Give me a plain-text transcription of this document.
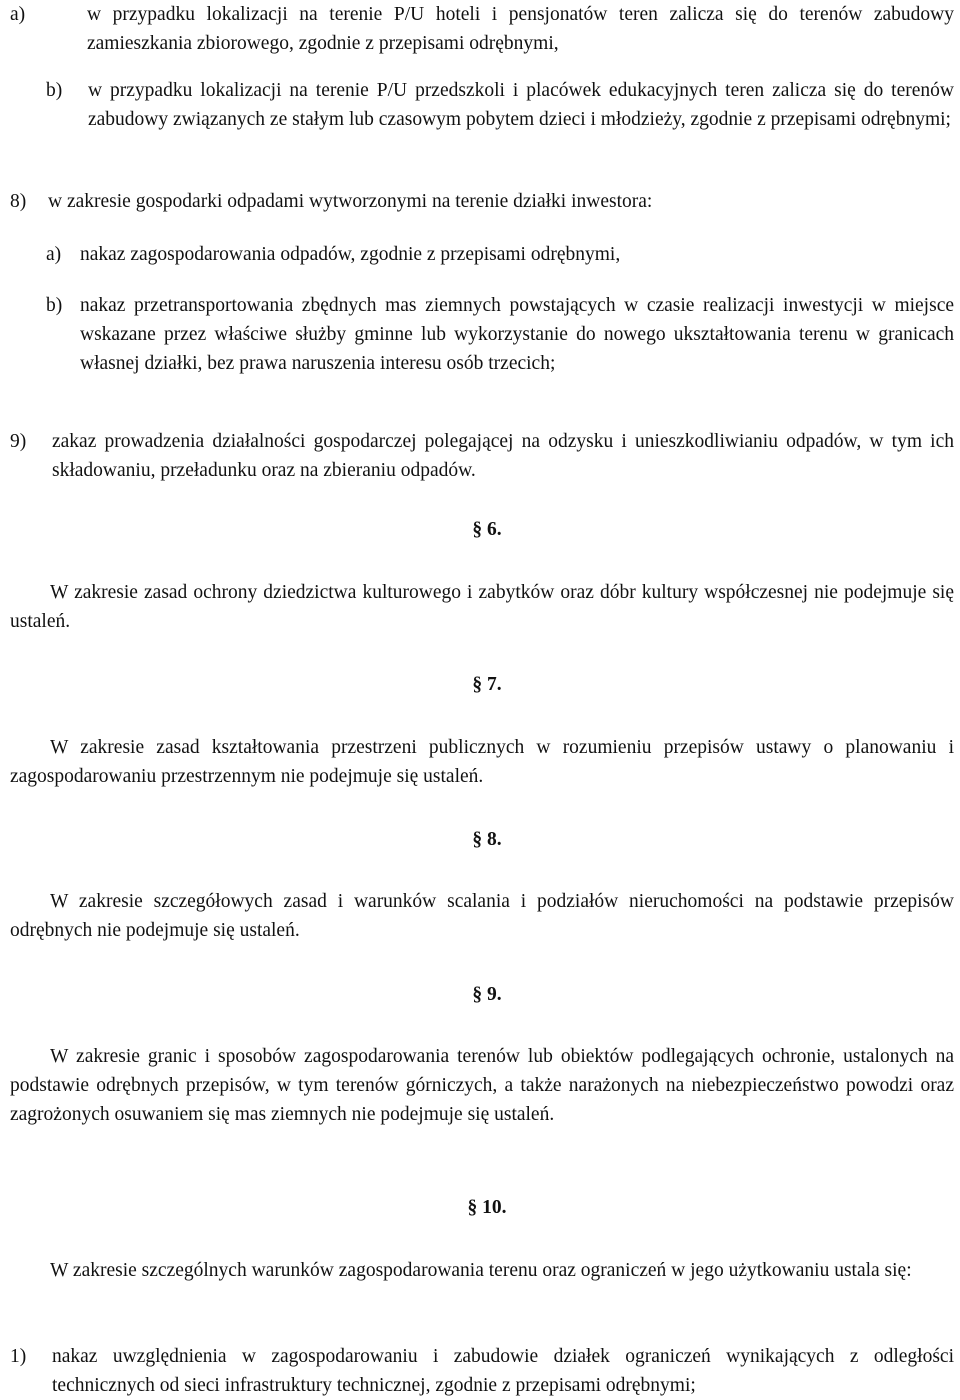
a)	w przypadku lokalizacji na terenie P/U hoteli i pensjonatów teren zalicza się do terenów zabudowy zamieszkania zbiorowego, zgodnie z przepisami odrębnymi,
b)	w przypadku lokalizacji na terenie P/U przedszkoli i placówek edukacyjnych teren zalicza się do terenów zabudowy związanych ze stałym lub czasowym pobytem dzieci i młodzieży, zgodnie z przepisami odrębnymi;
8)	w zakresie gospodarki odpadami wytworzonymi na terenie działki inwestora:
a) nakaz zagospodarowania odpadów, zgodnie z przepisami odrębnymi,
b) nakaz przetransportowania zbędnych mas ziemnych powstających w czasie realizacji inwestycji w miejsce wskazane przez właściwe służby gminne lub wykorzystanie do nowego ukształtowania terenu w granicach własnej działki, bez prawa naruszenia interesu osób trzecich;
9)	zakaz prowadzenia działalności gospodarczej polegającej na odzysku i unieszkodliwianiu odpadów, w tym ich składowaniu, przeładunku oraz na zbieraniu odpadów.
§ 6.
W zakresie zasad ochrony dziedzictwa kulturowego i zabytków oraz dóbr kultury współczesnej nie podejmuje się ustaleń.
§ 7.
W zakresie zasad kształtowania przestrzeni publicznych w rozumieniu przepisów ustawy o planowaniu i zagospodarowaniu przestrzennym nie podejmuje się ustaleń.
§ 8.
W zakresie szczegółowych zasad i warunków scalania i podziałów nieruchomości na podstawie przepisów odrębnych nie podejmuje się ustaleń.
§ 9.
W zakresie granic i sposobów zagospodarowania terenów lub obiektów podlegających ochronie, ustalonych na podstawie odrębnych przepisów, w tym terenów górniczych, a także narażonych na niebezpieczeństwo powodzi oraz zagrożonych osuwaniem się mas ziemnych nie podejmuje się ustaleń.
§ 10.
W zakresie szczególnych warunków zagospodarowania terenu oraz ograniczeń w jego użytkowaniu ustala się:
1)	nakaz uwzględnienia w zagospodarowaniu i zabudowie działek ograniczeń wynikających z odległości technicznych od sieci infrastruktury technicznej, zgodnie z przepisami odrębnymi;
